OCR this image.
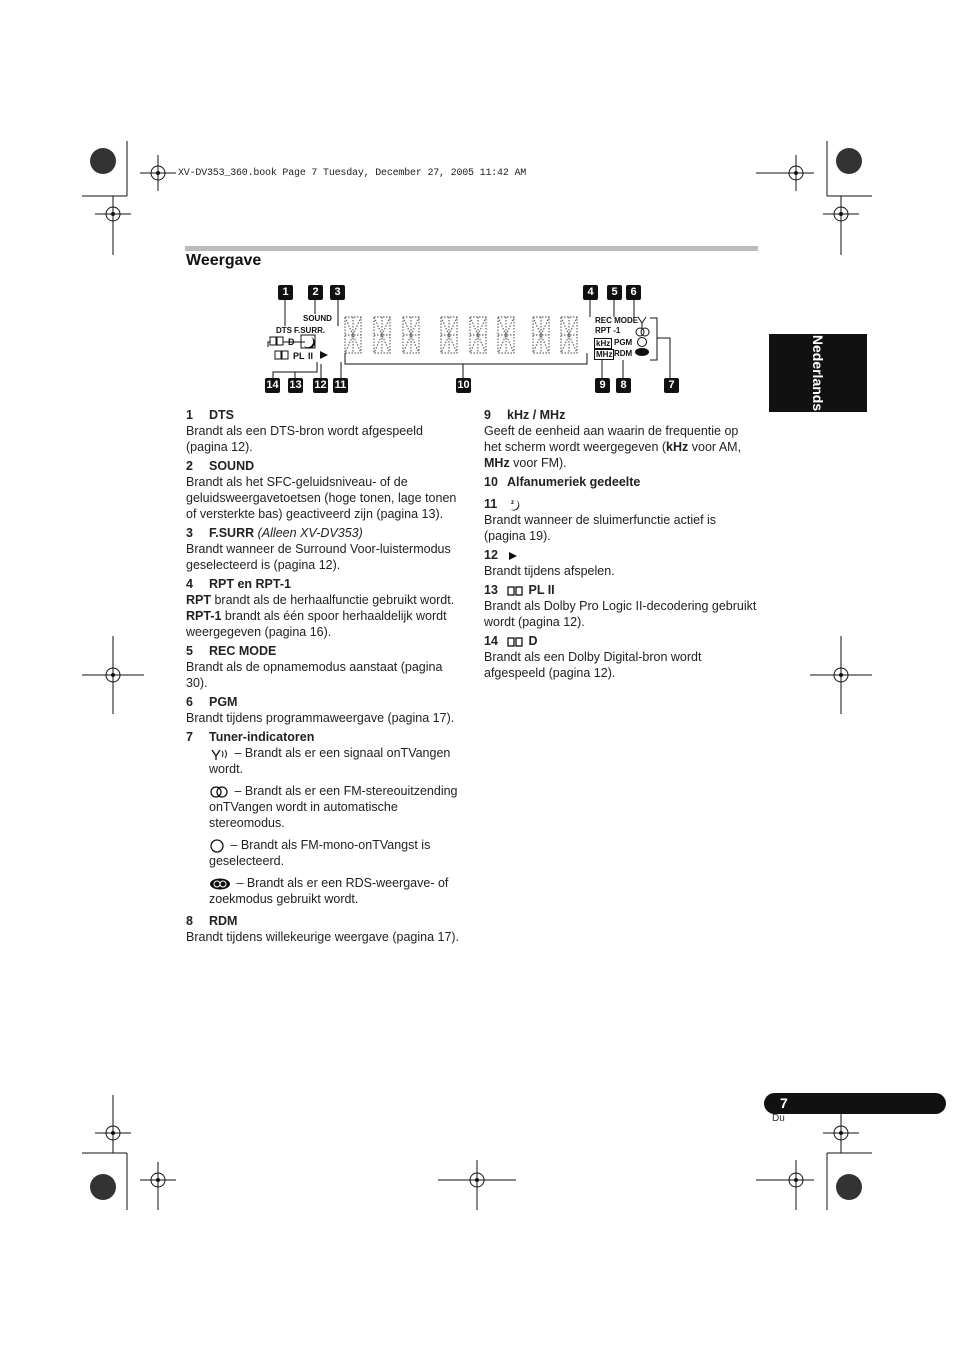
XV-DV353_360.book Page 7 Tuesday, December 27, 2005 11:42 AM
Weergave
Nederlands
1	2	3	4	5	6
14 13 12 11	10	9	8	7
SOUND
DTS F.SURR.
REC MODE
RPT -1
PGM
RDM
kHz
MHz
D
PL II
1 DTS

Brandt als een DTS-bron wordt afgespeeld (pagina 12).

2 SOUND

Brandt als het SFC-geluidsniveau- of de geluidsweergavetoetsen (hoge tonen, lage tonen of versterkte bas) geactiveerd zijn (pagina 13).

3 F.SURR (Alleen XV-DV353)

Brandt wanneer de Surround Voor-luistermodus geselecteerd is (pagina 12).

4 RPT en RPT-1

RPT brandt als de herhaalfunctie gebruikt wordt. RPT-1 brandt als één spoor herhaaldelijk wordt weergegeven (pagina 16).

5 REC MODE

Brandt als de opnamemodus aanstaat (pagina 30).

6 PGM

Brandt tijdens programmaweergave (pagina 17).

7 Tuner-indicatoren

– Brandt als er een signaal onTVangen wordt.

– Brandt als er een FM-stereouitzending onTVangen wordt in automatische stereomodus.

– Brandt als FM-mono-onTVangst is geselecteerd.

– Brandt als er een RDS-weergave- of zoekmodus gebruikt wordt.

8 RDM

Brandt tijdens willekeurige weergave (pagina 17).

9 kHz / MHz

Geeft de eenheid aan waarin de frequentie op het scherm wordt weergegeven (kHz voor AM, MHz voor FM).

10 Alfanumeriek gedeelte
11 z

Brandt wanneer de sluimerfunctie actief is (pagina 19).

12

Brandt tijdens afspelen.

13 PL II

Brandt als Dolby Pro Logic II-decodering gebruikt wordt (pagina 12).

14 D

Brandt als een Dolby Digital-bron wordt afgespeeld (pagina 12).

7
Du
